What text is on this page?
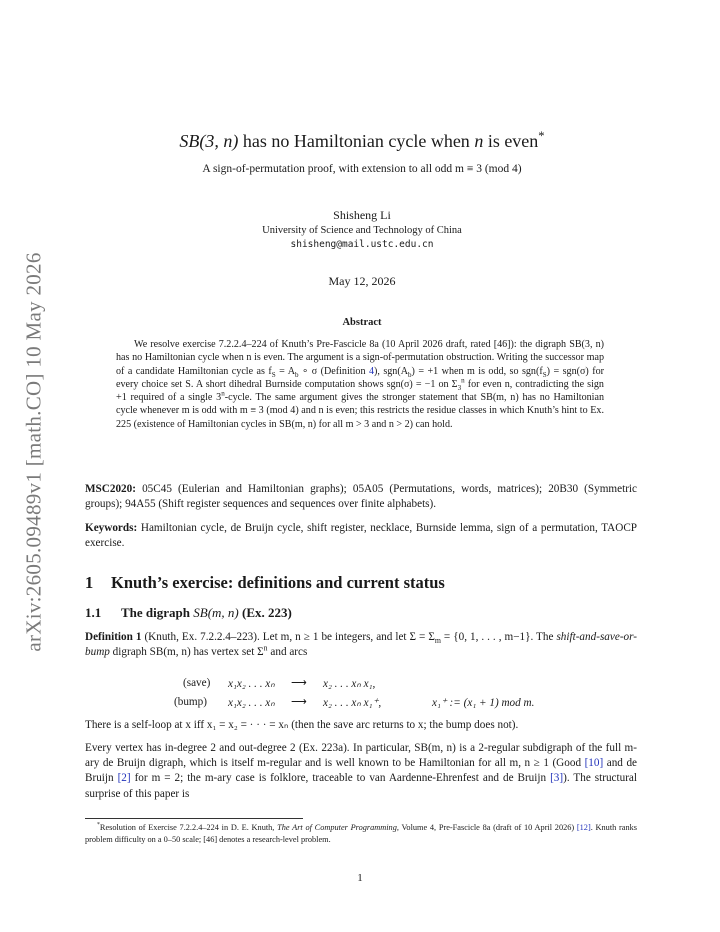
arXiv:2605.09489v1 [math.CO] 10 May 2026
SB(3, n) has no Hamiltonian cycle when n is even*
A sign-of-permutation proof, with extension to all odd m ≡ 3 (mod 4)
Shisheng Li
University of Science and Technology of China
shisheng@mail.ustc.edu.cn
May 12, 2026
Abstract

We resolve exercise 7.2.2.4–224 of Knuth’s Pre-Fascicle 8a (10 April 2026 draft, rated [46]): the digraph SB(3, n) has no Hamiltonian cycle when n is even. The argument is a sign-of-permutation obstruction. Writing the successor map of a candidate Hamiltonian cycle as $f_S = A_b$ ∘ σ (Definition 4), $sgn(A_b) = +1$ when m is odd, so $sgn(f_S) = sgn(\sigma)$ for every choice set S. A short dihedral Burnside computation shows sgn(σ) = −1 on $\Sigma_3^n$ for even n, contradicting the sign +1 required of a single 3$^n$-cycle. The same argument gives the stronger statement that SB(m, n) has no Hamiltonian cycle whenever m is odd with m ≡ 3 (mod 4) and n is even; this restricts the residue classes in which Knuth’s hint to Ex. 225 (existence of Hamiltonian cycles in SB(m, n) for all m > 3 and n > 2) can hold.

MSC2020: 05C45 (Eulerian and Hamiltonian graphs); 05A05 (Permutations, words, matrices); 20B30 (Symmetric groups); 94A55 (Shift register sequences and sequences over finite alphabets).

Keywords: Hamiltonian cycle, de Bruijn cycle, shift register, necklace, Burnside lemma, sign of a permutation, TAOCP exercise.

1 Knuth’s exercise: definitions and current status
1.1 The digraph SB(m, n) (Ex. 223)

Definition 1 (Knuth, Ex. 7.2.2.4–223). Let m, n ≥ 1 be integers, and let $\Sigma = \Sigma_m = \{0$, 1, . . . , m−1}. The shift-and-save-or-bump digraph SB(m, n) has vertex set $\Sigma^n$ and arcs

(save) x₁x₂ . . . xₙ ⟶ x₂ . . . xₙ x₁,
(bump) x₁x₂ . . . xₙ ⟶ x₂ . . . xₙ x₁⁺,	x₁⁺ := (x₁ + 1) mod m.

There is a self-loop at x iff x₁ = x₂ = · · · = xₙ (then the save arc returns to x; the bump does not).

Every vertex has in-degree 2 and out-degree 2 (Ex. 223a). In particular, SB(m, n) is a 2-regular subdigraph of the full m-ary de Bruijn digraph, which is itself m-regular and is well known to be Hamiltonian for all m, n ≥ 1 (Good [10] and de Bruijn [2] for m = 2; the m-ary case is folklore, traceable to van Aardenne-Ehrenfest and de Bruijn [3]). The structural surprise of this paper is

*Resolution of Exercise 7.2.2.4–224 in D. E. Knuth, The Art of Computer Programming, Volume 4, Pre-Fascicle 8a (draft of 10 April 2026) [12]. Knuth ranks problem difficulty on a 0–50 scale; [46] denotes a research-level problem.

1
